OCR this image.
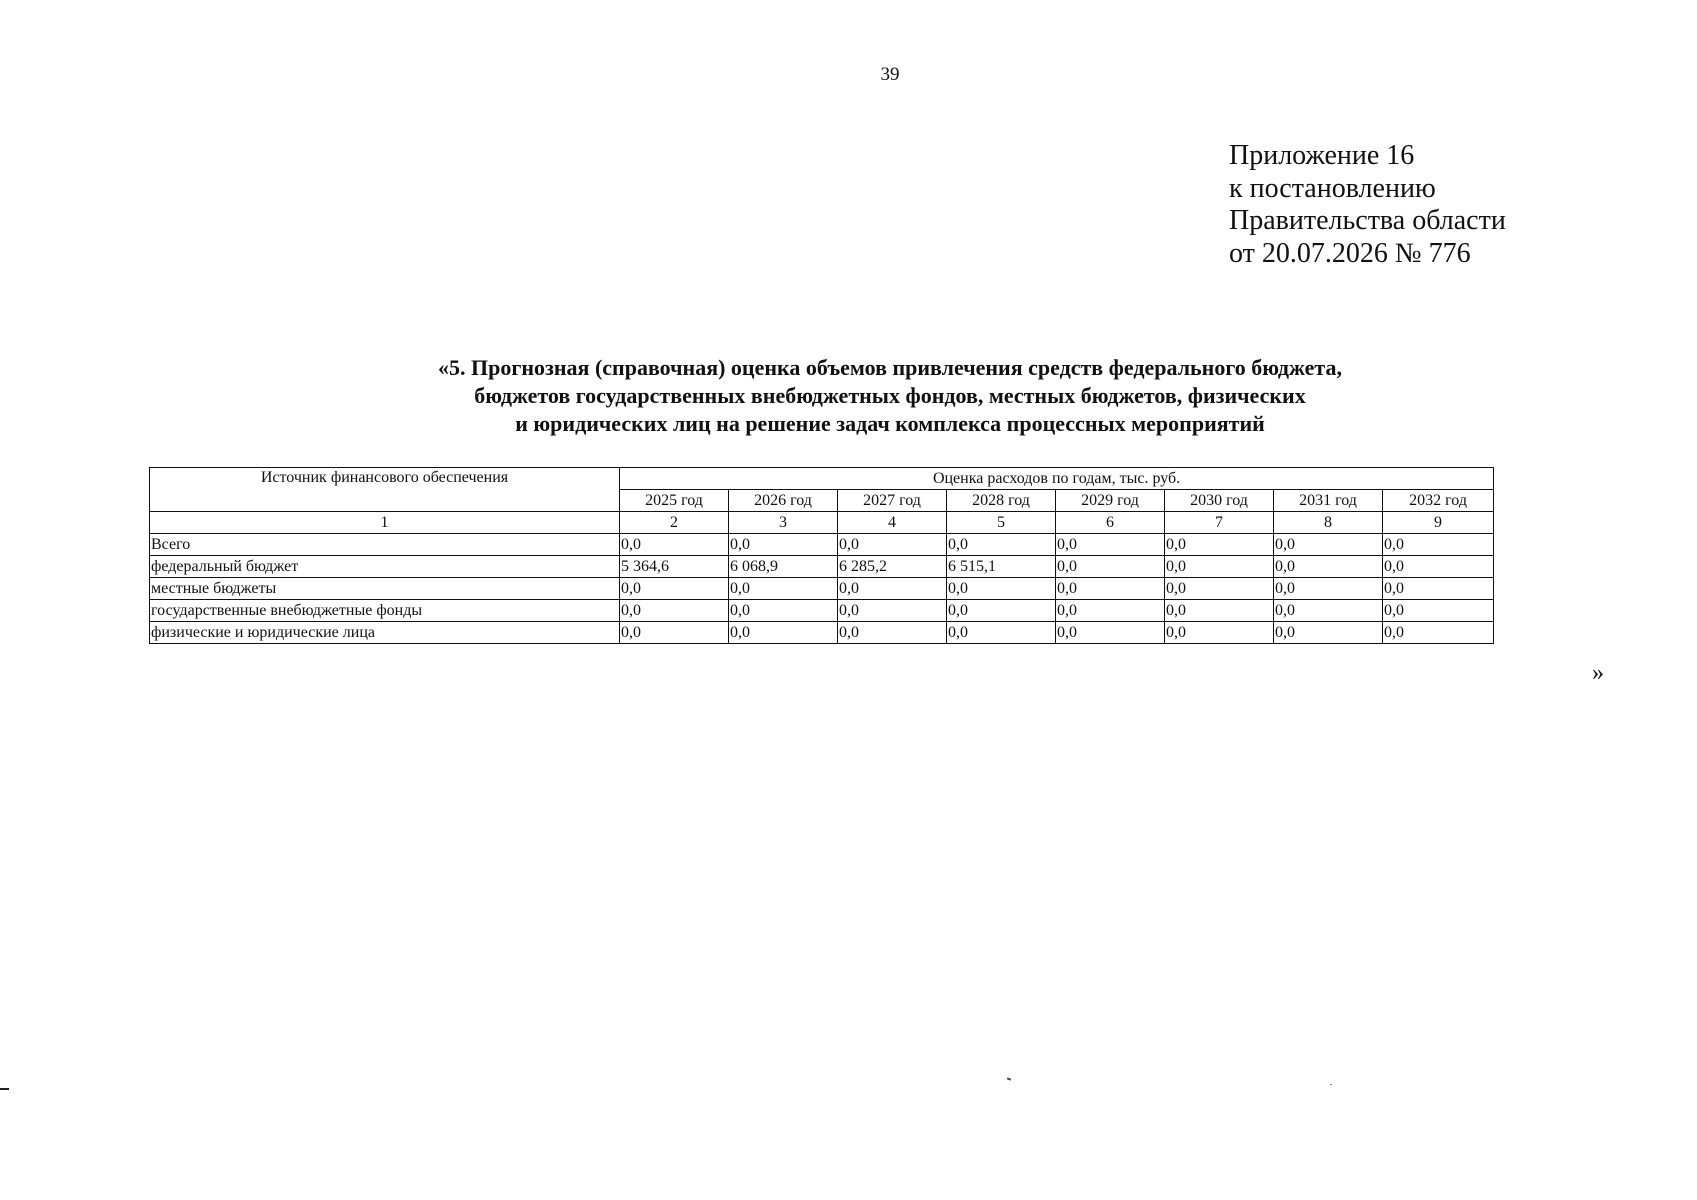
39
Приложение 16
к постановлению
Правительства области
от 20.07.2026 № 776
«5. Прогнозная (справочная) оценка объемов привлечения средств федерального бюджета,
бюджетов государственных внебюджетных фондов, местных бюджетов, физических
и юридических лиц на решение задач комплекса процессных мероприятий
Источник финансового обеспечения	Оценка расходов по годам, тыс. руб.							
	2025 год	2026 год	2027 год	2028 год	2029 год	2030 год	2031 год	2032 год
1	2	3	4	5	6	7	8	9
Всего	0,0	0,0	0,0	0,0	0,0	0,0	0,0	0,0
федеральный бюджет	5 364,6	6 068,9	6 285,2	6 515,1	0,0	0,0	0,0	0,0
местные бюджеты	0,0	0,0	0,0	0,0	0,0	0,0	0,0	0,0
государственные внебюджетные фонды	0,0	0,0	0,0	0,0	0,0	0,0	0,0	0,0
физические и юридические лица	0,0	0,0	0,0	0,0	0,0	0,0	0,0	0,0
»
